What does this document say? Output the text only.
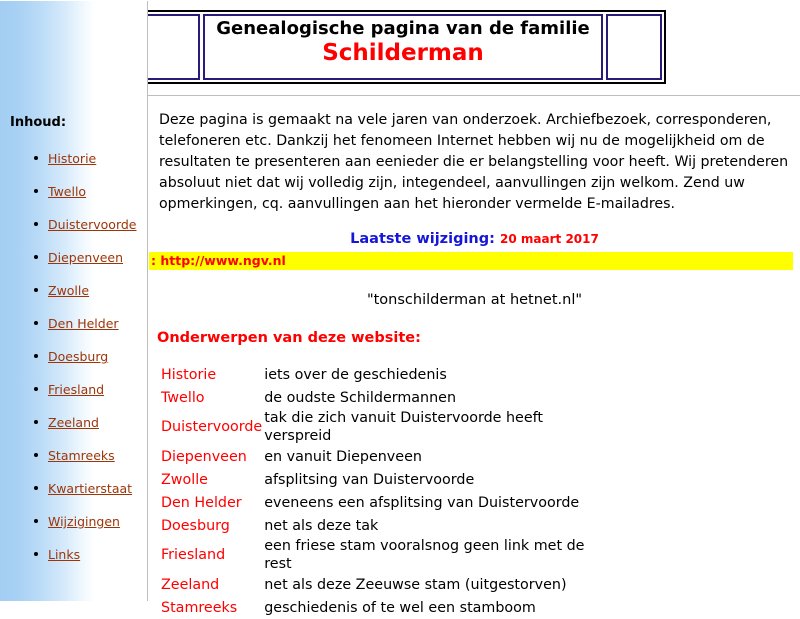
Genealogische pagina van de familie
Schilderman
Inhoud:
Historie
Twello
Duistervoorde
Diepenveen
Zwolle
Den Helder
Doesburg
Friesland
Zeeland
Stamreeks
Kwartierstaat
Wijzigingen
Links

Deze pagina is gemaakt na vele jaren van onderzoek. Archiefbezoek, corresponderen, telefoneren etc. Dankzij het fenomeen Internet hebben wij nu de mogelijkheid om de resultaten te presenteren aan eenieder die er belangstelling voor heeft. Wij pretenderen absoluut niet dat wij volledig zijn, integendeel, aanvullingen zijn welkom. Zend uw opmerkingen, cq. aanvullingen aan het hieronder vermelde E-mailadres.

Laatste wijziging: 20 maart 2017
: http://www.ngv.nl
"tonschilderman at hetnet.nl"
Onderwerpen van deze website:
Historie	iets over de geschiedenis
Twello	de oudste Schildermannen
Duistervoorde	tak die zich vanuit Duistervoorde heeft verspreid
Diepenveen	en vanuit Diepenveen
Zwolle	afsplitsing van Duistervoorde
Den Helder	eveneens een afsplitsing van Duistervoorde
Doesburg	net als deze tak
Friesland	een friese stam vooralsnog geen link met de rest
Zeeland	net als deze Zeeuwse stam (uitgestorven)
Stamreeks	geschiedenis of te wel een stamboom
